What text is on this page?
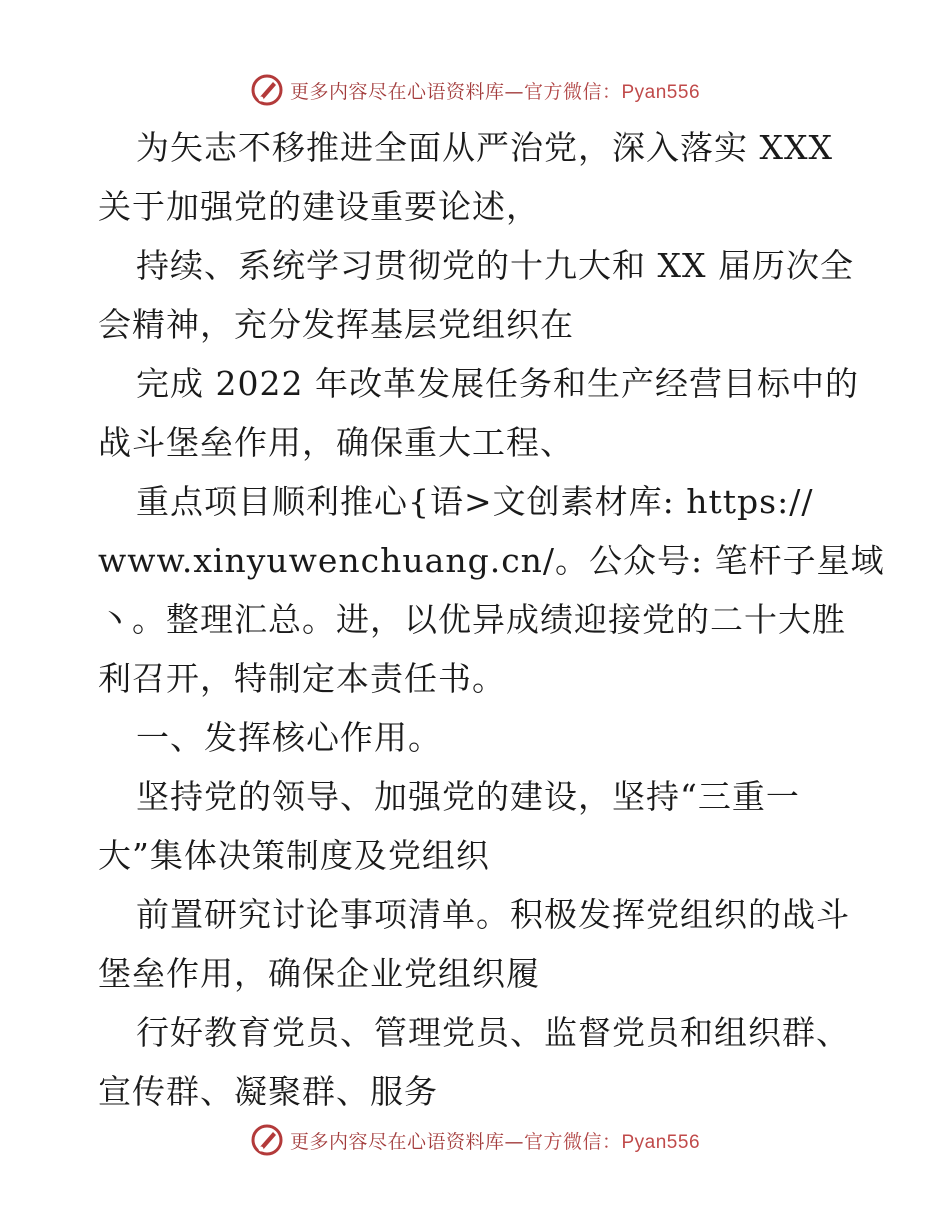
更多内容尽在心语资料库—官方微信：Pyan556
为矢志不移推进全面从严治党，深入落实 XXX
关于加强党的建设重要论述，
持续、系统学习贯彻党的十九大和 XX 届历次全
会精神，充分发挥基层党组织在
完成 2022 年改革发展任务和生产经营目标中的
战斗堡垒作用，确保重大工程、
重点项目顺利推心{语>文创素材库: https://
www.xinyuwenchuang.cn/。公众号: 笔杆子星域
丶。整理汇总。进，以优异成绩迎接党的二十大胜
利召开，特制定本责任书。
一、发挥核心作用。
坚持党的领导、加强党的建设，坚持“三重一
大”集体决策制度及党组织
前置研究讨论事项清单。积极发挥党组织的战斗
堡垒作用，确保企业党组织履
行好教育党员、管理党员、监督党员和组织群、
宣传群、凝聚群、服务
更多内容尽在心语资料库—官方微信：Pyan556
